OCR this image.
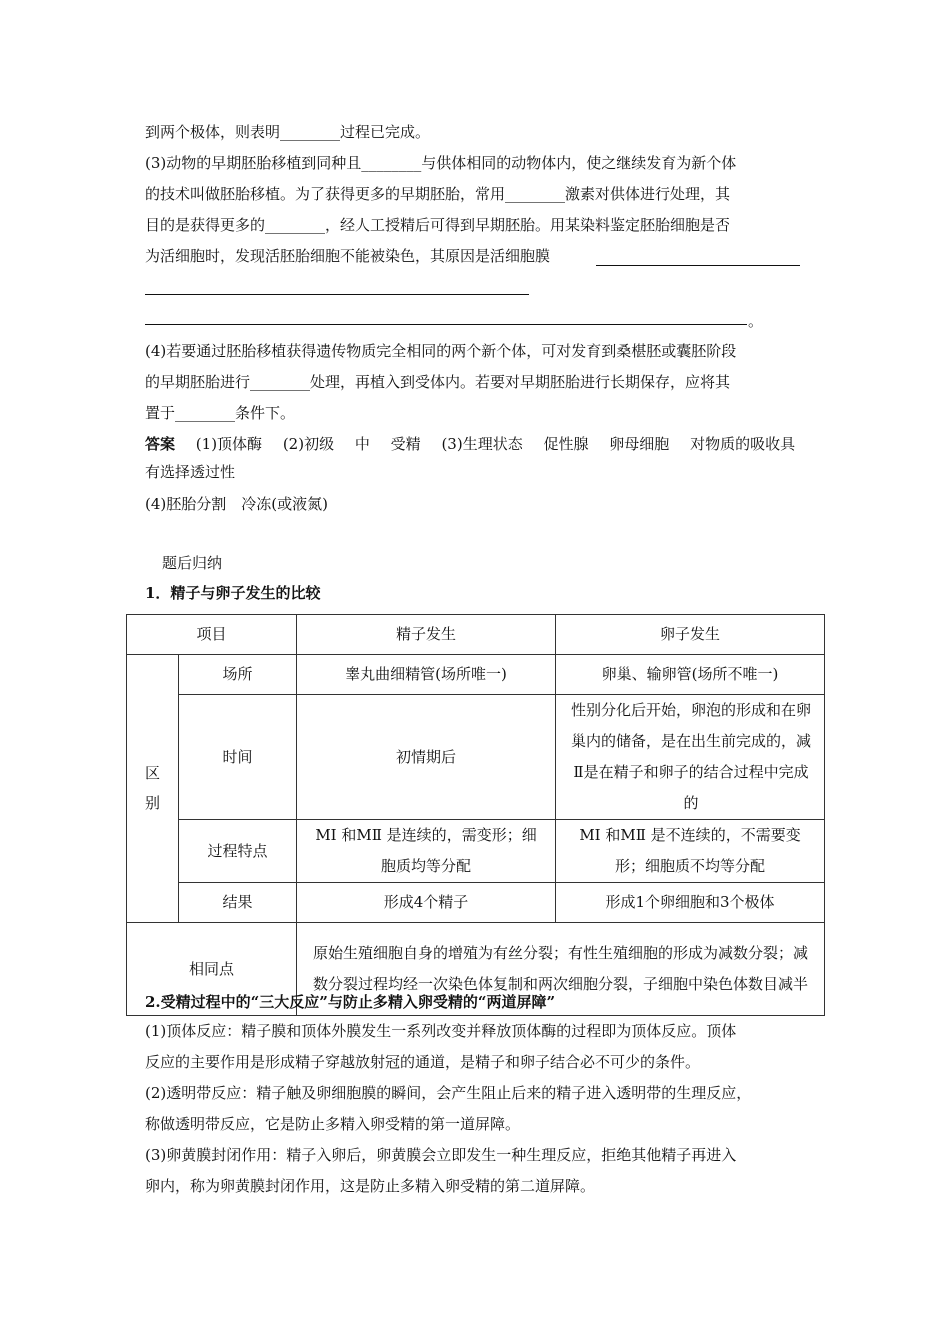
到两个极体，则表明________过程已完成。
(3)动物的早期胚胎移植到同种且________与供体相同的动物体内，使之继续发育为新个体
的技术叫做胚胎移植。为了获得更多的早期胚胎，常用________激素对供体进行处理，其
目的是获得更多的________，经人工授精后可得到早期胚胎。用某染料鉴定胚胎细胞是否
为活细胞时，发现活胚胎细胞不能被染色，其原因是活细胞膜
。
(4)若要通过胚胎移植获得遗传物质完全相同的两个新个体，可对发育到桑椹胚或囊胚阶段
的早期胚胎进行________处理，再植入到受体内。若要对早期胚胎进行长期保存，应将其
置于________条件下。
答案 (1)顶体酶 (2)初级 中 受精 (3)生理状态 促性腺 卵母细胞 对物质的吸收具
有选择透过性
(4)胚胎分割　冷冻(或液氮)
题后归纳
1．精子与卵子发生的比较
项目		精子发生	卵子发生
区别	场所	睾丸曲细精管(场所唯一)	卵巢、输卵管(场所不唯一)
	时间	初情期后	性别分化后开始，卵泡的形成和在卵巢内的储备，是在出生前完成的，减Ⅱ是在精子和卵子的结合过程中完成的
	过程特点	MⅠ 和MⅡ 是连续的，需变形；细胞质均等分配	MⅠ 和MⅡ 是不连续的，不需要变形；细胞质不均等分配
	结果	形成4个精子	形成1个卵细胞和3个极体
相同点		原始生殖细胞自身的增殖为有丝分裂；有性生殖细胞的形成为减数分裂；减数分裂过程均经一次染色体复制和两次细胞分裂，子细胞中染色体数目减半	
2.受精过程中的“三大反应”与防止多精入卵受精的“两道屏障”
(1)顶体反应：精子膜和顶体外膜发生一系列改变并释放顶体酶的过程即为顶体反应。顶体
反应的主要作用是形成精子穿越放射冠的通道，是精子和卵子结合必不可少的条件。
(2)透明带反应：精子触及卵细胞膜的瞬间，会产生阻止后来的精子进入透明带的生理反应，
称做透明带反应，它是防止多精入卵受精的第一道屏障。
(3)卵黄膜封闭作用：精子入卵后，卵黄膜会立即发生一种生理反应，拒绝其他精子再进入
卵内，称为卵黄膜封闭作用，这是防止多精入卵受精的第二道屏障。
